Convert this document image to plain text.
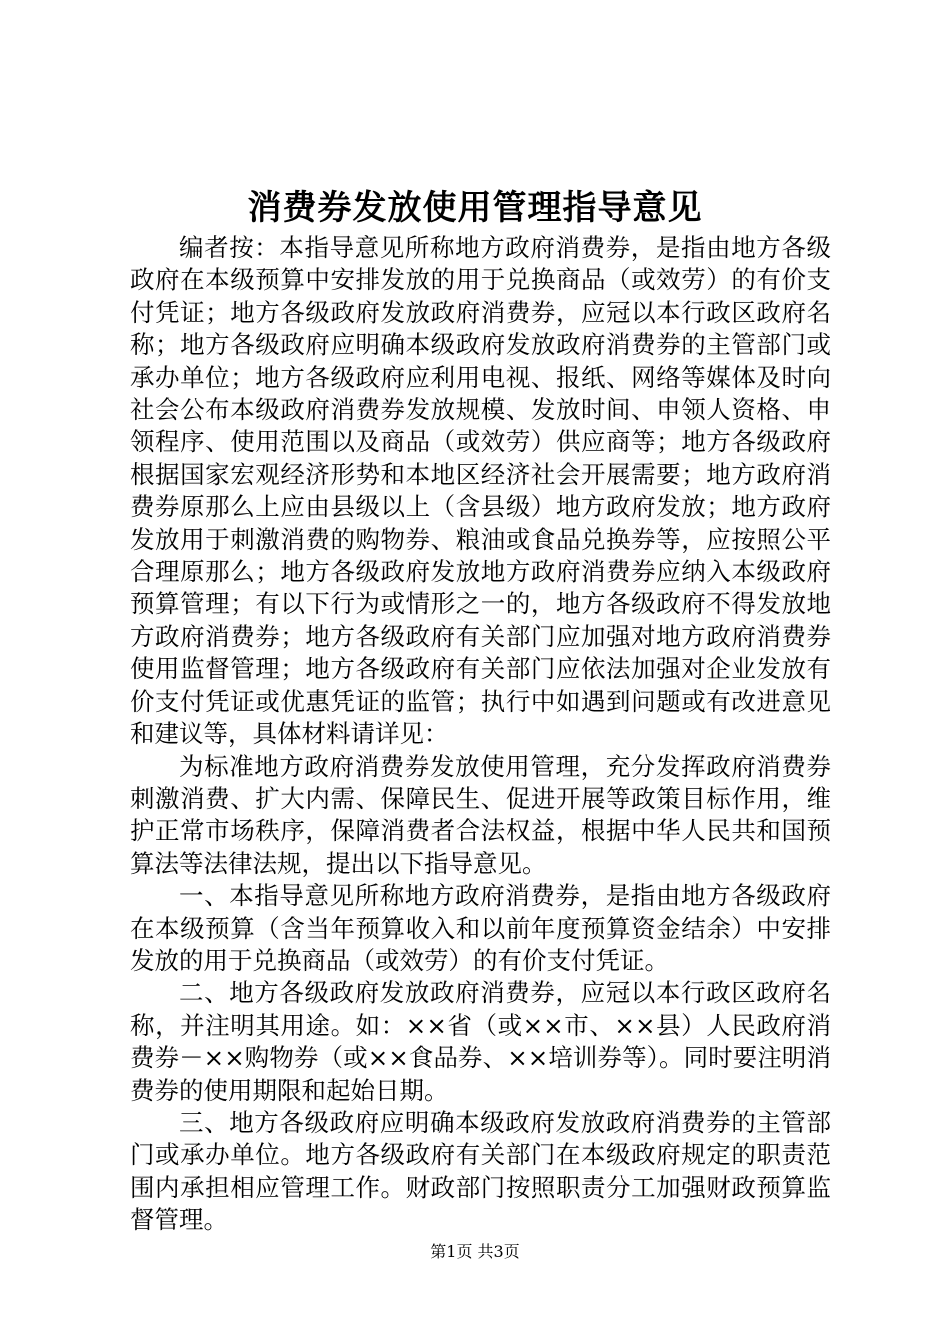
消费券发放使用管理指导意见

编者按：本指导意见所称地方政府消费券，是指由地方各级政府在本级预算中安排发放的用于兑换商品（或效劳）的有价支付凭证；地方各级政府发放政府消费券，应冠以本行政区政府名称；地方各级政府应明确本级政府发放政府消费券的主管部门或承办单位；地方各级政府应利用电视、报纸、网络等媒体及时向社会公布本级政府消费券发放规模、发放时间、申领人资格、申领程序、使用范围以及商品（或效劳）供应商等；地方各级政府根据国家宏观经济形势和本地区经济社会开展需要；地方政府消费券原那么上应由县级以上（含县级）地方政府发放；地方政府发放用于刺激消费的购物券、粮油或食品兑换券等，应按照公平合理原那么；地方各级政府发放地方政府消费券应纳入本级政府预算管理；有以下行为或情形之一的，地方各级政府不得发放地方政府消费券；地方各级政府有关部门应加强对地方政府消费券使用监督管理；地方各级政府有关部门应依法加强对企业发放有价支付凭证或优惠凭证的监管；执行中如遇到问题或有改进意见和建议等，具体材料请详见：

为标准地方政府消费券发放使用管理，充分发挥政府消费券刺激消费、扩大内需、保障民生、促进开展等政策目标作用，维护正常市场秩序，保障消费者合法权益，根据中华人民共和国预算法等法律法规，提出以下指导意见。

一、本指导意见所称地方政府消费券，是指由地方各级政府在本级预算（含当年预算收入和以前年度预算资金结余）中安排发放的用于兑换商品（或效劳）的有价支付凭证。

二、地方各级政府发放政府消费券，应冠以本行政区政府名称，并注明其用途。如：××省（或××市、××县）人民政府消费券－××购物券（或××食品券、××培训券等）。同时要注明消费券的使用期限和起始日期。

三、地方各级政府应明确本级政府发放政府消费券的主管部门或承办单位。地方各级政府有关部门在本级政府规定的职责范围内承担相应管理工作。财政部门按照职责分工加强财政预算监督管理。

第1页 共3页
